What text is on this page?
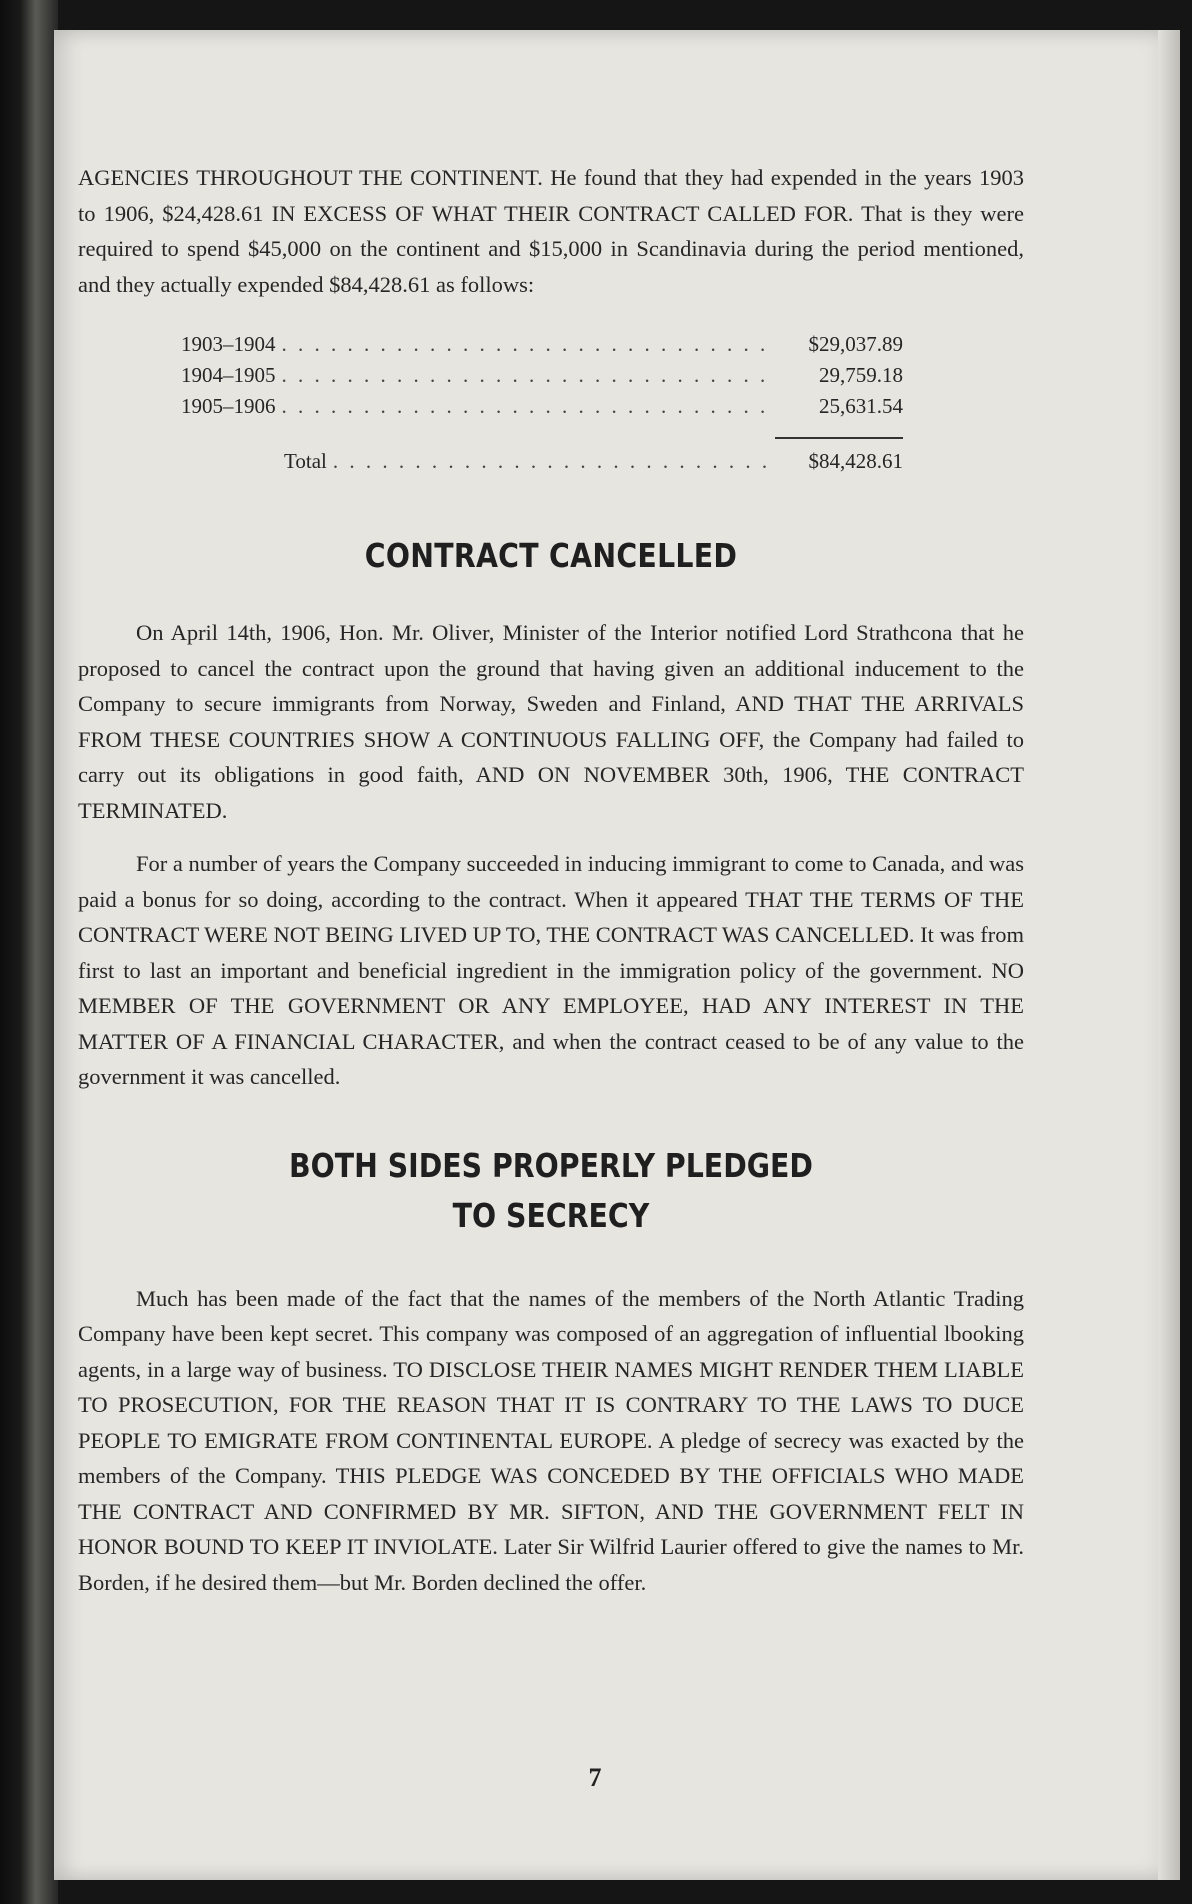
AGENCIES THROUGHOUT THE CONTINENT. He found that they had expended in the years 1903 to 1906, $24,428.61 IN EXCESS OF WHAT THEIR CONTRACT CALLED FOR. That is they were required to spend $45,000 on the continent and $15,000 in Scandinavia during the period mentioned, and they actually expended $84,428.61 as follows:

1903–1904 . . .	$29,037.89
1904–1905 . . .	29,759.18
1905–1906 . . .	25,631.54
Total . . .	$84,428.61
CONTRACT CANCELLED

On April 14th, 1906, Hon. Mr. Oliver, Minister of the Interior notified Lord Strathcona that he proposed to cancel the contract upon the ground that having given an additional inducement to the Company to secure immigrants from Norway, Sweden and Finland, AND THAT THE ARRIVALS FROM THESE COUNTRIES SHOW A CONTINUOUS FALLING OFF, the Company had failed to carry out its obligations in good faith, AND ON NOVEMBER 30th, 1906, THE CONTRACT TERMINATED.

For a number of years the Company succeeded in inducing immigrant to come to Canada, and was paid a bonus for so doing, according to the contract. When it appeared THAT THE TERMS OF THE CONTRACT WERE NOT BEING LIVED UP TO, THE CONTRACT WAS CANCELLED. It was from first to last an important and beneficial ingredient in the immigration policy of the government. NO MEMBER OF THE GOVERNMENT OR ANY EMPLOYEE, HAD ANY INTEREST IN THE MATTER OF A FINANCIAL CHARACTER, and when the contract ceased to be of any value to the government it was cancelled.

BOTH SIDES PROPERLY PLEDGED
TO SECRECY

Much has been made of the fact that the names of the members of the North Atlantic Trading Company have been kept secret. This company was composed of an aggregation of influential lbooking agents, in a large way of business. TO DISCLOSE THEIR NAMES MIGHT RENDER THEM LIABLE TO PROSECUTION, FOR THE REASON THAT IT IS CONTRARY TO THE LAWS TO DUCE PEOPLE TO EMIGRATE FROM CONTINENTAL EUROPE. A pledge of secrecy was exacted by the members of the Company. THIS PLEDGE WAS CONCEDED BY THE OFFICIALS WHO MADE THE CONTRACT AND CONFIRMED BY MR. SIFTON, AND THE GOVERNMENT FELT IN HONOR BOUND TO KEEP IT INVIOLATE. Later Sir Wilfrid Laurier offered to give the names to Mr. Borden, if he desired them—but Mr. Borden declined the offer.

7
